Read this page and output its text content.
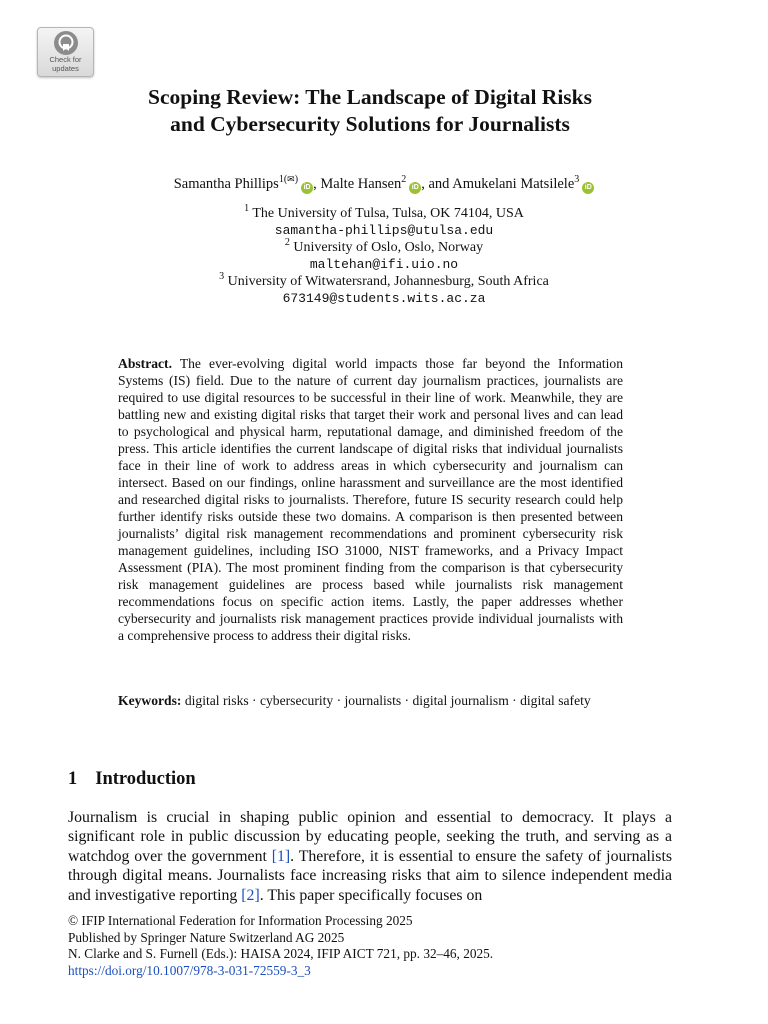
Check for
updates
Scoping Review: The Landscape of Digital Risks
and Cybersecurity Solutions for Journalists
Samantha Phillips$^{1(✉)}$iD , Malte Hansen$^2$iD , and Amukelani Matsilele$^3$iD
$^1$ The University of Tulsa, Tulsa, OK 74104, USA
samantha-phillips@utulsa.edu
$^2$ University of Oslo, Oslo, Norway
maltehan@ifi.uio.no
$^3$ University of Witwatersrand, Johannesburg, South Africa
673149@students.wits.ac.za
Abstract. The ever-evolving digital world impacts those far beyond the Information Systems (IS) field. Due to the nature of current day journalism practices, journalists are required to use digital resources to be successful in their line of work. Meanwhile, they are battling new and existing digital risks that target their work and personal lives and can lead to psychological and physical harm, reputational damage, and diminished freedom of the press. This article identifies the current landscape of digital risks that individual journalists face in their line of work to address areas in which cybersecurity and journalism can intersect. Based on our findings, online harassment and surveillance are the most identified and researched digital risks to journalists. Therefore, future IS security research could help further identify risks outside these two domains. A comparison is then presented between journalists’ digital risk management recommendations and prominent cybersecurity risk management guidelines, including ISO 31000, NIST frameworks, and a Privacy Impact Assessment (PIA). The most prominent finding from the comparison is that cybersecurity risk management guidelines are process based while journalists risk management recommendations focus on specific action items. Lastly, the paper addresses whether cybersecurity and journalists risk management practices provide individual journalists with a comprehensive process to address their digital risks.
Keywords: digital risks · cybersecurity · journalists · digital journalism · digital safety
1 Introduction
Journalism is crucial in shaping public opinion and essential to democracy. It plays a significant role in public discussion by educating people, seeking the truth, and serving as a watchdog over the government [1]. Therefore, it is essential to ensure the safety of journalists through digital means. Journalists face increasing risks that aim to silence independent media and investigative reporting [2]. This paper specifically focuses on
© IFIP International Federation for Information Processing 2025
Published by Springer Nature Switzerland AG 2025
N. Clarke and S. Furnell (Eds.): HAISA 2024, IFIP AICT 721, pp. 32–46, 2025.
https://doi.org/10.1007/978-3-031-72559-3_3
